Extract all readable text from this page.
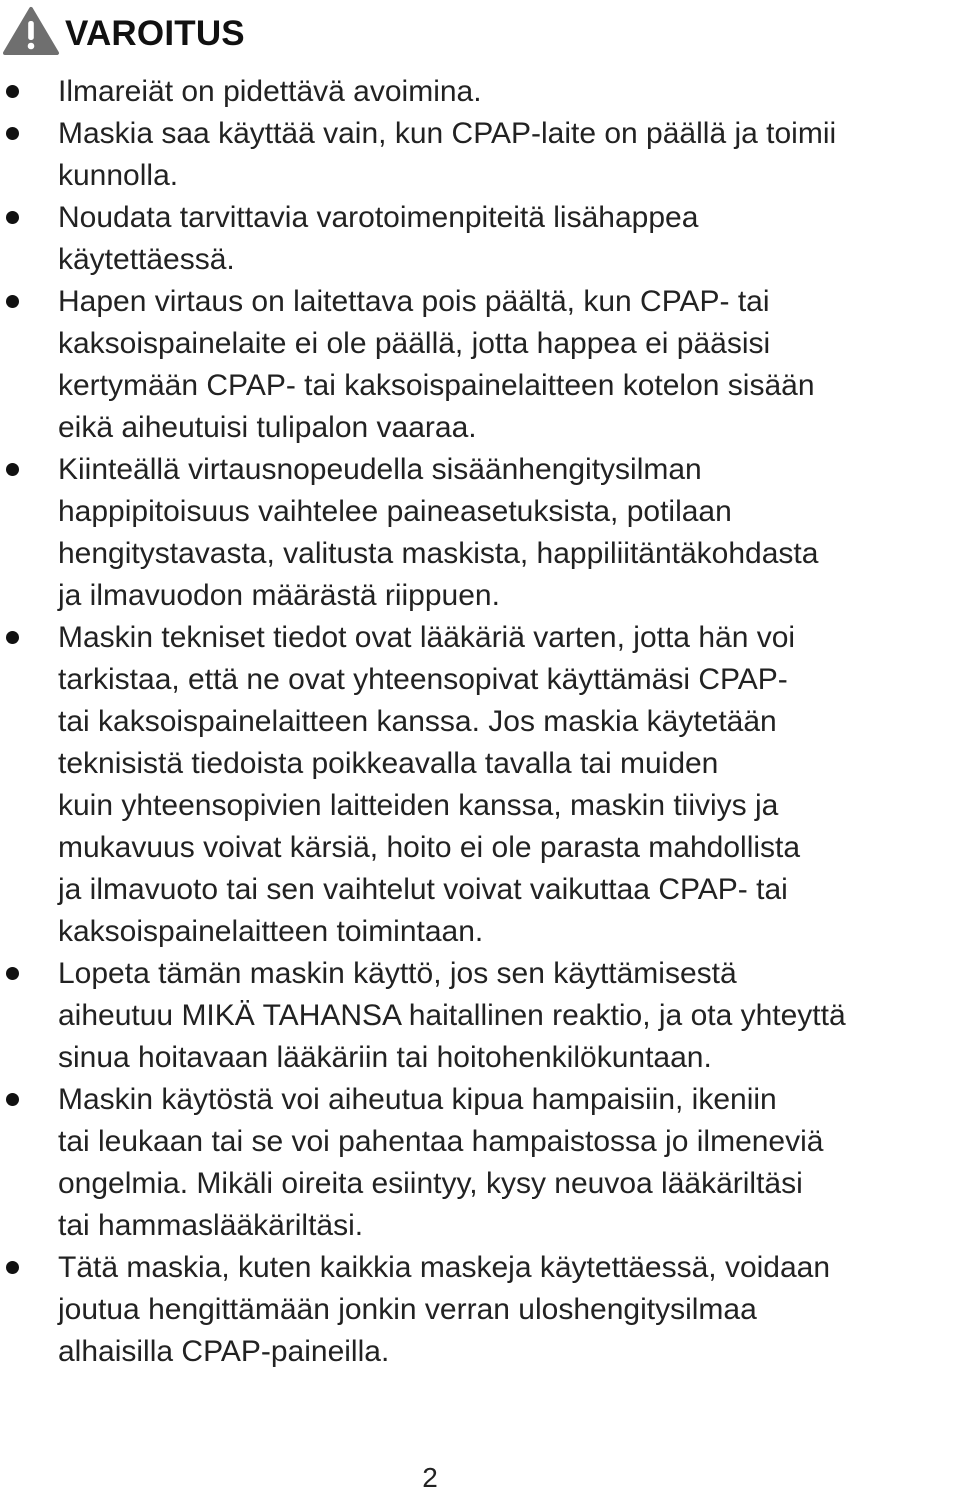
VAROITUS
Ilmareiät on pidettävä avoimina.
Maskia saa käyttää vain, kun CPAP-laite on päällä ja toimii
kunnolla.
Noudata tarvittavia varotoimenpiteitä lisähappea
käytettäessä.
Hapen virtaus on laitettava pois päältä, kun CPAP- tai
kaksoispainelaite ei ole päällä, jotta happea ei pääsisi
kertymään CPAP- tai kaksoispainelaitteen kotelon sisään
eikä aiheutuisi tulipalon vaaraa.
Kiinteällä virtausnopeudella sisäänhengitysilman
happipitoisuus vaihtelee paineasetuksista, potilaan
hengitystavasta, valitusta maskista, happiliitäntäkohdasta
ja ilmavuodon määrästä riippuen.
Maskin tekniset tiedot ovat lääkäriä varten, jotta hän voi
tarkistaa, että ne ovat yhteensopivat käyttämäsi CPAP-
tai kaksoispainelaitteen kanssa. Jos maskia käytetään
teknisistä tiedoista poikkeavalla tavalla tai muiden
kuin yhteensopivien laitteiden kanssa, maskin tiiviys ja
mukavuus voivat kärsiä, hoito ei ole parasta mahdollista
ja ilmavuoto tai sen vaihtelut voivat vaikuttaa CPAP- tai
kaksoispainelaitteen toimintaan.
Lopeta tämän maskin käyttö, jos sen käyttämisestä
aiheutuu MIKÄ TAHANSA haitallinen reaktio, ja ota yhteyttä
sinua hoitavaan lääkäriin tai hoitohenkilökuntaan.
Maskin käytöstä voi aiheutua kipua hampaisiin, ikeniin
tai leukaan tai se voi pahentaa hampaistossa jo ilmeneviä
ongelmia. Mikäli oireita esiintyy, kysy neuvoa lääkäriltäsi
tai hammaslääkäriltäsi.
Tätä maskia, kuten kaikkia maskeja käytettäessä, voidaan
joutua hengittämään jonkin verran uloshengitysilmaa
alhaisilla CPAP-paineilla.
2
